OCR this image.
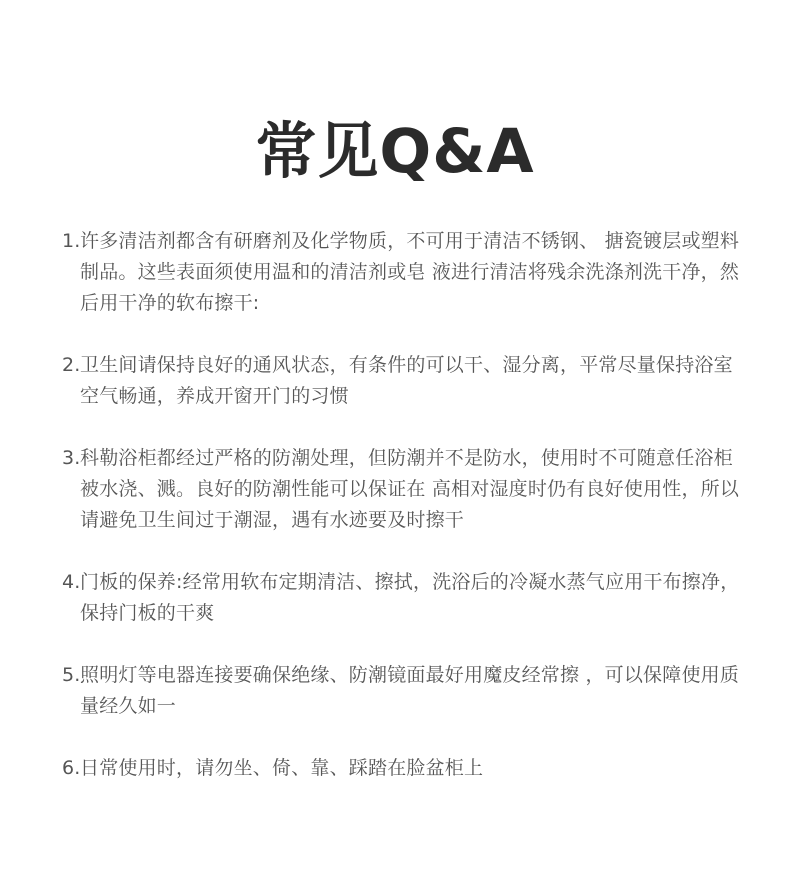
常见Q&A
1. 许多清洁剂都含有研磨剂及化学物质，不可用于清洁不锈钢、 搪瓷镀层或塑料制品。这些表面须使用温和的清洁剂或皂 液进行清洁将残余洗涤剂洗干净，然后用干净的软布擦干:
2. 卫生间请保持良好的通风状态，有条件的可以干、湿分离，平常尽量保持浴室空气畅通，养成开窗开门的习惯
3. 科勒浴柜都经过严格的防潮处理，但防潮并不是防水，使用时不可随意任浴柜被水浇、溅。良好的防潮性能可以保证在 高相对湿度时仍有良好使用性，所以请避免卫生间过于潮湿，遇有水迹要及时擦干
4. 门板的保养:经常用软布定期清洁、擦拭，洗浴后的冷凝水蒸气应用干布擦净，保持门板的干爽
5. 照明灯等电器连接要确保绝缘、防潮镜面最好用魔皮经常擦 ，可以保障使用质量经久如一
6. 日常使用时，请勿坐、倚、靠、踩踏在脸盆柜上
